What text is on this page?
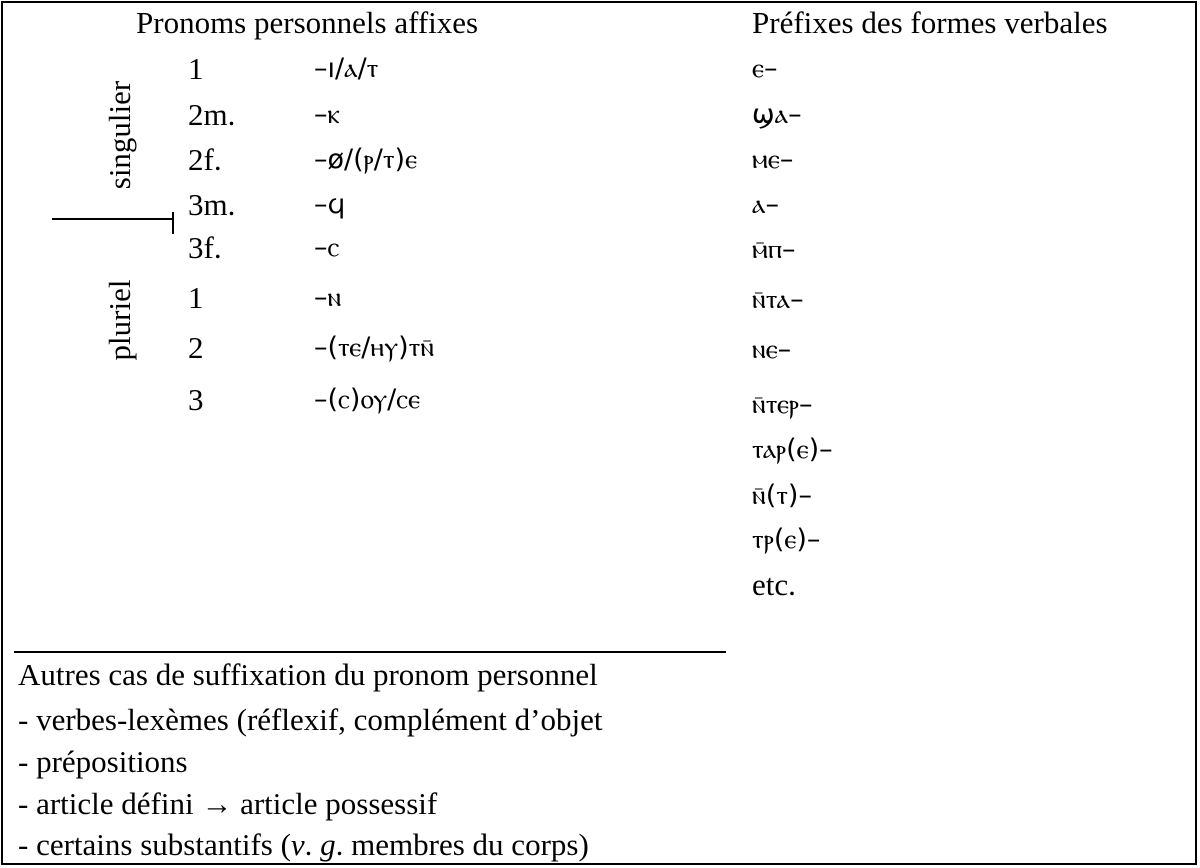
Pronoms personnels affixes
singulier
pluriel
1
2m.
2f.
3m.
3f.
1
2
3
–ı/ⲁ/ⲧ
–ⲕ
–ø/(ⲣ/ⲧ)ⲉ
–ϥ
–ⲥ
–ⲛ
–(ⲧⲉ/ⲏⲩ)ⲧⲛ̄
–(ⲥ)ⲟⲩ/ⲥⲉ
Préfixes des formes verbales
ⲉ–
ϣⲁ–
ⲙⲉ–
ⲁ–
ⲙ̄ⲡ–
ⲛ̄ⲧⲁ–
ⲛⲉ–
ⲛ̄ⲧⲉⲣ–
ⲧⲁⲣ(ⲉ)–
ⲛ̄(ⲧ)–
ⲧⲣ(ⲉ)–
etc.
Autres cas de suffixation du pronom personnel
- verbes-lexèmes (réflexif, complément d’objet
- prépositions
- article défini → article possessif
- certains substantifs (v. g. membres du corps)
